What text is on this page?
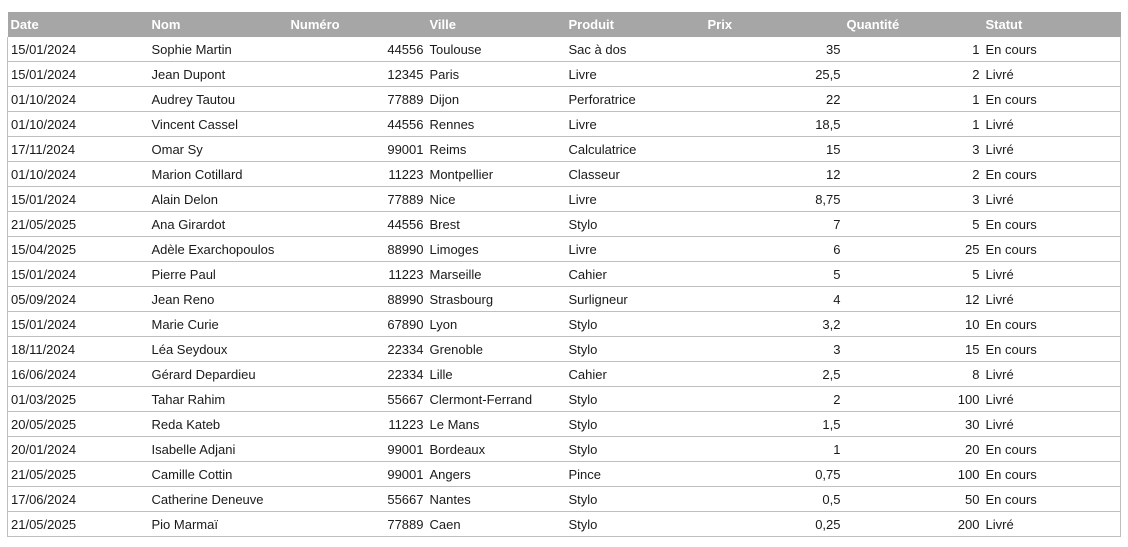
Date	Nom	Numéro	Ville	Produit	Prix	Quantité	Statut
15/01/2024	Sophie Martin	44556	Toulouse	Sac à dos	35	1	En cours
15/01/2024	Jean Dupont	12345	Paris	Livre	25,5	2	Livré
01/10/2024	Audrey Tautou	77889	Dijon	Perforatrice	22	1	En cours
01/10/2024	Vincent Cassel	44556	Rennes	Livre	18,5	1	Livré
17/11/2024	Omar Sy	99001	Reims	Calculatrice	15	3	Livré
01/10/2024	Marion Cotillard	11223	Montpellier	Classeur	12	2	En cours
15/01/2024	Alain Delon	77889	Nice	Livre	8,75	3	Livré
21/05/2025	Ana Girardot	44556	Brest	Stylo	7	5	En cours
15/04/2025	Adèle Exarchopoulos	88990	Limoges	Livre	6	25	En cours
15/01/2024	Pierre Paul	11223	Marseille	Cahier	5	5	Livré
05/09/2024	Jean Reno	88990	Strasbourg	Surligneur	4	12	Livré
15/01/2024	Marie Curie	67890	Lyon	Stylo	3,2	10	En cours
18/11/2024	Léa Seydoux	22334	Grenoble	Stylo	3	15	En cours
16/06/2024	Gérard Depardieu	22334	Lille	Cahier	2,5	8	Livré
01/03/2025	Tahar Rahim	55667	Clermont-Ferrand	Stylo	2	100	Livré
20/05/2025	Reda Kateb	11223	Le Mans	Stylo	1,5	30	Livré
20/01/2024	Isabelle Adjani	99001	Bordeaux	Stylo	1	20	En cours
21/05/2025	Camille Cottin	99001	Angers	Pince	0,75	100	En cours
17/06/2024	Catherine Deneuve	55667	Nantes	Stylo	0,5	50	En cours
21/05/2025	Pio Marmaï	77889	Caen	Stylo	0,25	200	Livré
